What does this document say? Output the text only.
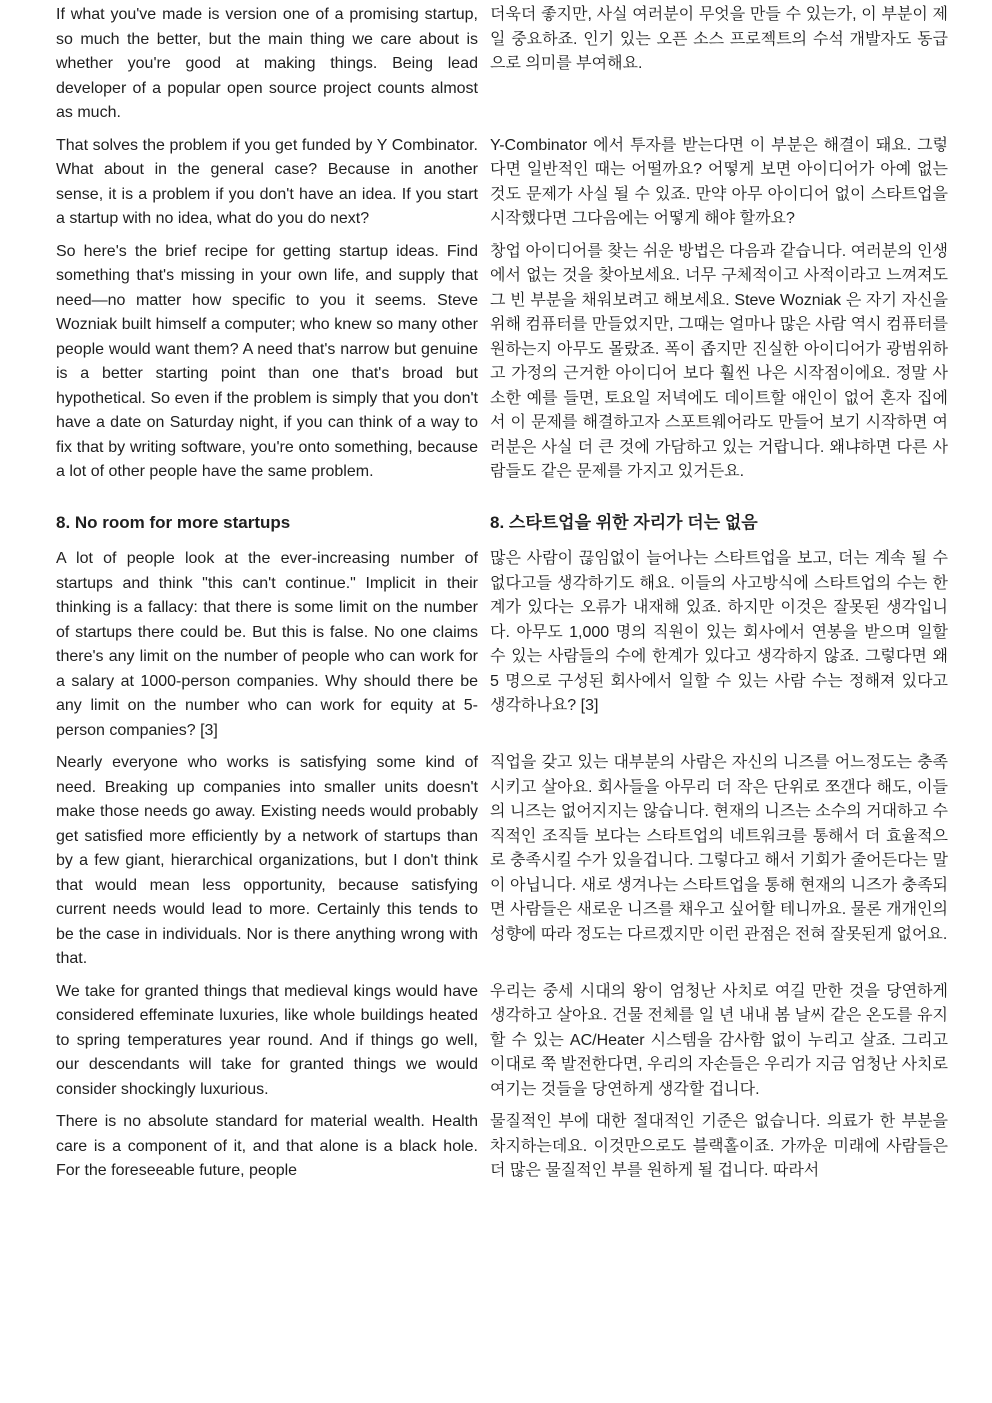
If what you've made is version one of a promising startup, so much the better, but the main thing we care about is whether you're good at making things. Being lead developer of a popular open source project counts almost as much.
더욱더 좋지만, 사실 여러분이 무엇을 만들 수 있는가, 이 부분이 제일 중요하죠. 인기 있는 오픈 소스 프로젝트의 수석 개발자도 동급으로 의미를 부여해요.
That solves the problem if you get funded by Y Combinator. What about in the general case? Because in another sense, it is a problem if you don't have an idea. If you start a startup with no idea, what do you do next?
Y-Combinator 에서 투자를 받는다면 이 부분은 해결이 돼요. 그렇다면 일반적인 때는 어떨까요? 어떻게 보면 아이디어가 아예 없는 것도 문제가 사실 될 수 있죠. 만약 아무 아이디어 없이 스타트업을 시작했다면 그다음에는 어떻게 해야 할까요?
So here's the brief recipe for getting startup ideas. Find something that's missing in your own life, and supply that need—no matter how specific to you it seems. Steve Wozniak built himself a computer; who knew so many other people would want them? A need that's narrow but genuine is a better starting point than one that's broad but hypothetical. So even if the problem is simply that you don't have a date on Saturday night, if you can think of a way to fix that by writing software, you're onto something, because a lot of other people have the same problem.
창업 아이디어를 찾는 쉬운 방법은 다음과 같습니다. 여러분의 인생에서 없는 것을 찾아보세요. 너무 구체적이고 사적이라고 느껴져도 그 빈 부분을 채워보려고 해보세요. Steve Wozniak 은 자기 자신을 위해 컴퓨터를 만들었지만, 그때는 얼마나 많은 사람 역시 컴퓨터를 원하는지 아무도 몰랐죠. 폭이 좁지만 진실한 아이디어가 광범위하고 가정의 근거한 아이디어 보다 훨씬 나은 시작점이에요. 정말 사소한 예를 들면, 토요일 저녁에도 데이트할 애인이 없어 혼자 집에서 이 문제를 해결하고자 스포트웨어라도 만들어 보기 시작하면 여러분은 사실 더 큰 것에 가담하고 있는 거랍니다. 왜냐하면 다른 사람들도 같은 문제를 가지고 있거든요.
8. No room for more startups	8. 스타트업을 위한 자리가 더는 없음
A lot of people look at the ever-increasing number of startups and think "this can't continue." Implicit in their thinking is a fallacy: that there is some limit on the number of startups there could be. But this is false. No one claims there's any limit on the number of people who can work for a salary at 1000-person companies. Why should there be any limit on the number who can work for equity at 5-person companies? [3]
많은 사람이 끊임없이 늘어나는 스타트업을 보고, 더는 계속 될 수 없다고들 생각하기도 해요. 이들의 사고방식에 스타트업의 수는 한계가 있다는 오류가 내재해 있죠. 하지만 이것은 잘못된 생각입니다. 아무도 1,000 명의 직원이 있는 회사에서 연봉을 받으며 일할 수 있는 사람들의 수에 한계가 있다고 생각하지 않죠. 그렇다면 왜 5 명으로 구성된 회사에서 일할 수 있는 사람 수는 정해져 있다고 생각하나요? [3]
Nearly everyone who works is satisfying some kind of need. Breaking up companies into smaller units doesn't make those needs go away. Existing needs would probably get satisfied more efficiently by a network of startups than by a few giant, hierarchical organizations, but I don't think that would mean less opportunity, because satisfying current needs would lead to more. Certainly this tends to be the case in individuals. Nor is there anything wrong with that.
직업을 갖고 있는 대부분의 사람은 자신의 니즈를 어느정도는 충족시키고 살아요. 회사들을 아무리 더 작은 단위로 쪼갠다 해도, 이들의 니즈는 없어지지는 않습니다. 현재의 니즈는 소수의 거대하고 수직적인 조직들 보다는 스타트업의 네트워크를 통해서 더 효율적으로 충족시킬 수가 있을겁니다. 그렇다고 해서 기회가 줄어든다는 말이 아닙니다. 새로 생겨나는 스타트업을 통해 현재의 니즈가 충족되면 사람들은 새로운 니즈를 채우고 싶어할 테니까요. 물론 개개인의 성향에 따라 정도는 다르겠지만 이런 관점은 전혀 잘못된게 없어요.
We take for granted things that medieval kings would have considered effeminate luxuries, like whole buildings heated to spring temperatures year round. And if things go well, our descendants will take for granted things we would consider shockingly luxurious.
우리는 중세 시대의 왕이 엄청난 사치로 여길 만한 것을 당연하게 생각하고 살아요. 건물 전체를 일 년 내내 봄 날씨 같은 온도를 유지 할 수 있는 AC/Heater 시스템을 감사함 없이 누리고 살죠. 그리고 이대로 쭉 발전한다면, 우리의 자손들은 우리가 지금 엄청난 사치로 여기는 것들을 당연하게 생각할 겁니다.
There is no absolute standard for material wealth. Health care is a component of it, and that alone is a black hole. For the foreseeable future, people
물질적인 부에 대한 절대적인 기준은 없습니다. 의료가 한 부분을 차지하는데요. 이것만으로도 블랙홀이죠. 가까운 미래에 사람들은 더 많은 물질적인 부를 원하게 될 겁니다. 따라서
